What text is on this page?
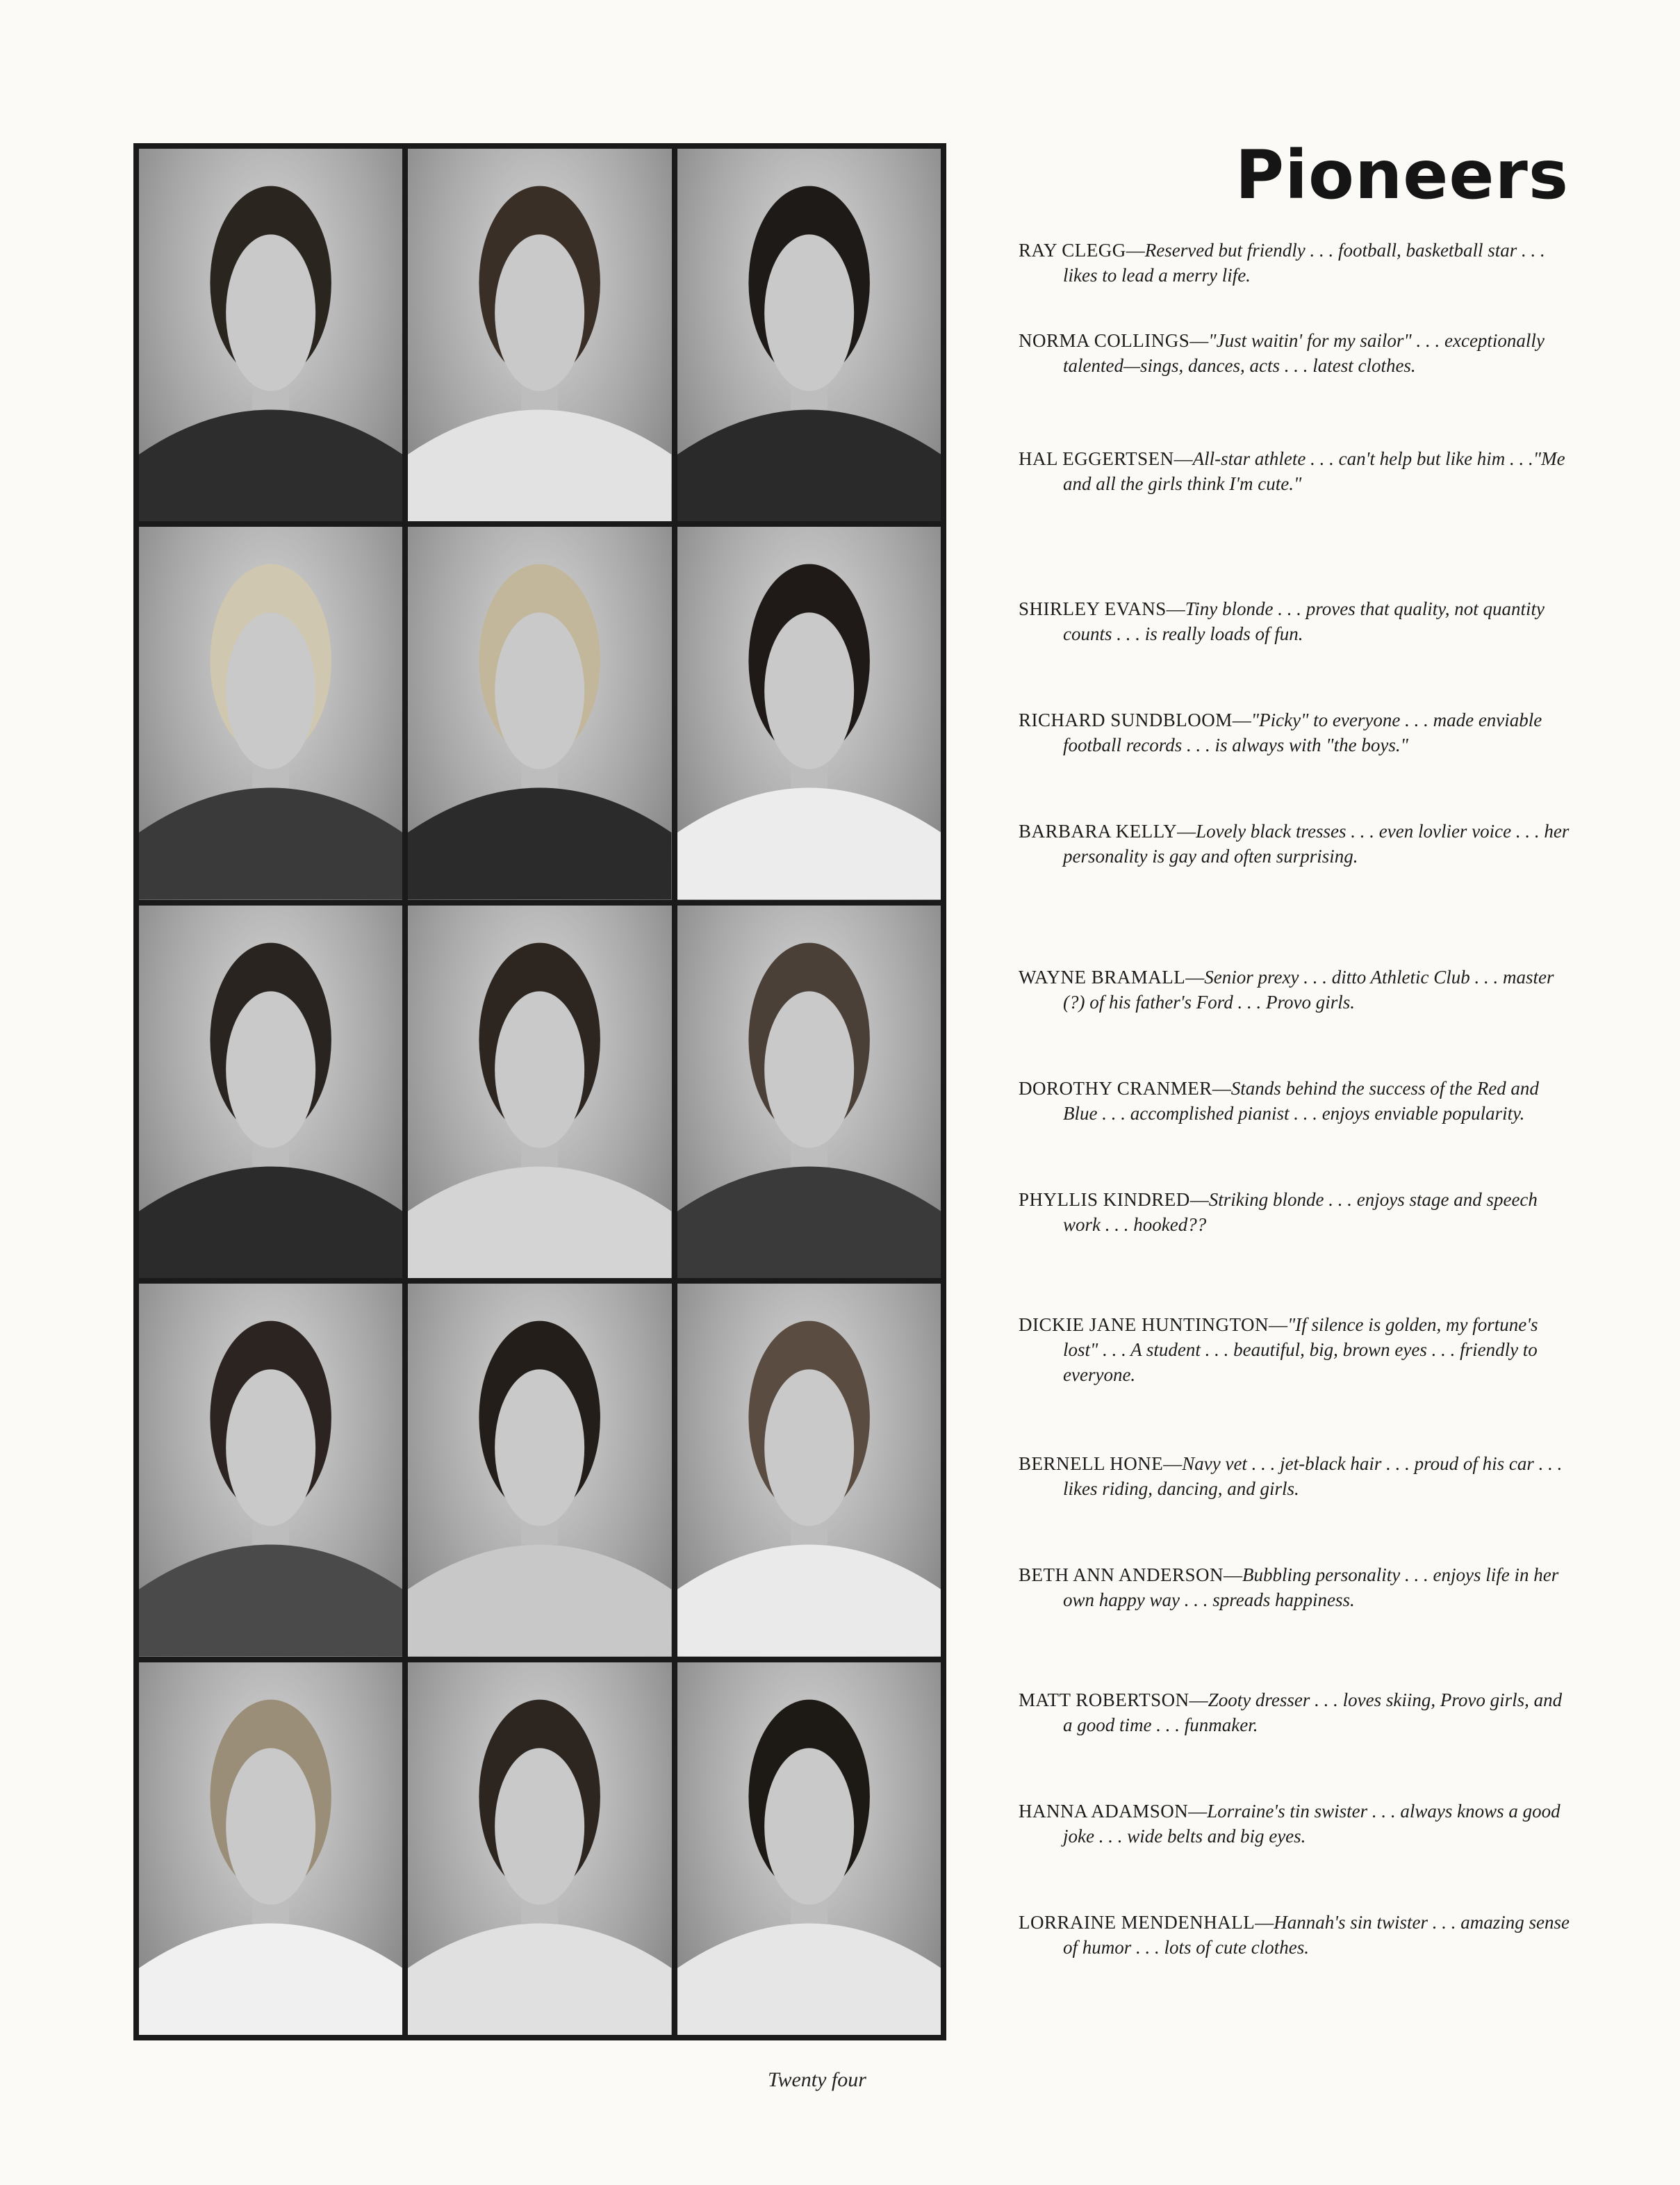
Pioneers

RAY CLEGG—Reserved but friendly . . . football, basketball star . . . likes to lead a merry life.

NORMA COLLINGS—"Just waitin' for my sailor" . . . exceptionally talented—sings, dances, acts . . . latest clothes.

HAL EGGERTSEN—All-star athlete . . . can't help but like him . . ."Me and all the girls think I'm cute."

SHIRLEY EVANS—Tiny blonde . . . proves that quality, not quantity counts . . . is really loads of fun.

RICHARD SUNDBLOOM—"Picky" to everyone . . . made enviable football records . . . is always with "the boys."

BARBARA KELLY—Lovely black tresses . . . even lovlier voice . . . her personality is gay and often surprising.

WAYNE BRAMALL—Senior prexy . . . ditto Athletic Club . . . master (?) of his father's Ford . . . Provo girls.

DOROTHY CRANMER—Stands behind the success of the Red and Blue . . . accomplished pianist . . . enjoys enviable popularity.

PHYLLIS KINDRED—Striking blonde . . . enjoys stage and speech work . . . hooked??

DICKIE JANE HUNTINGTON—"If silence is golden, my fortune's lost" . . . A student . . . beautiful, big, brown eyes . . . friendly to everyone.

BERNELL HONE—Navy vet . . . jet-black hair . . . proud of his car . . . likes riding, dancing, and girls.

BETH ANN ANDERSON—Bubbling personality . . . enjoys life in her own happy way . . . spreads happiness.

MATT ROBERTSON—Zooty dresser . . . loves skiing, Provo girls, and a good time . . . funmaker.

HANNA ADAMSON—Lorraine's tin swister . . . always knows a good joke . . . wide belts and big eyes.

LORRAINE MENDENHALL—Hannah's sin twister . . . amazing sense of humor . . . lots of cute clothes.

Twenty four
